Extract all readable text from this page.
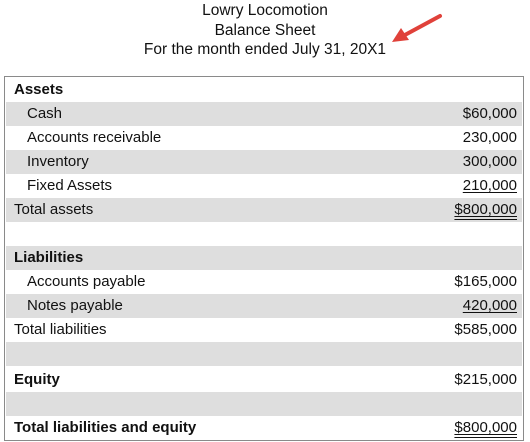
Lowry Locomotion
Balance Sheet
For the month ended July 31, 20X1
Assets
Cash	$60,000
Accounts receivable	230,000
Inventory	300,000
Fixed Assets	210,000
Total assets	$800,000
Liabilities
Accounts payable	$165,000
Notes payable	420,000
Total liabilities	$585,000
Equity	$215,000
Total liabilities and equity	$800,000
